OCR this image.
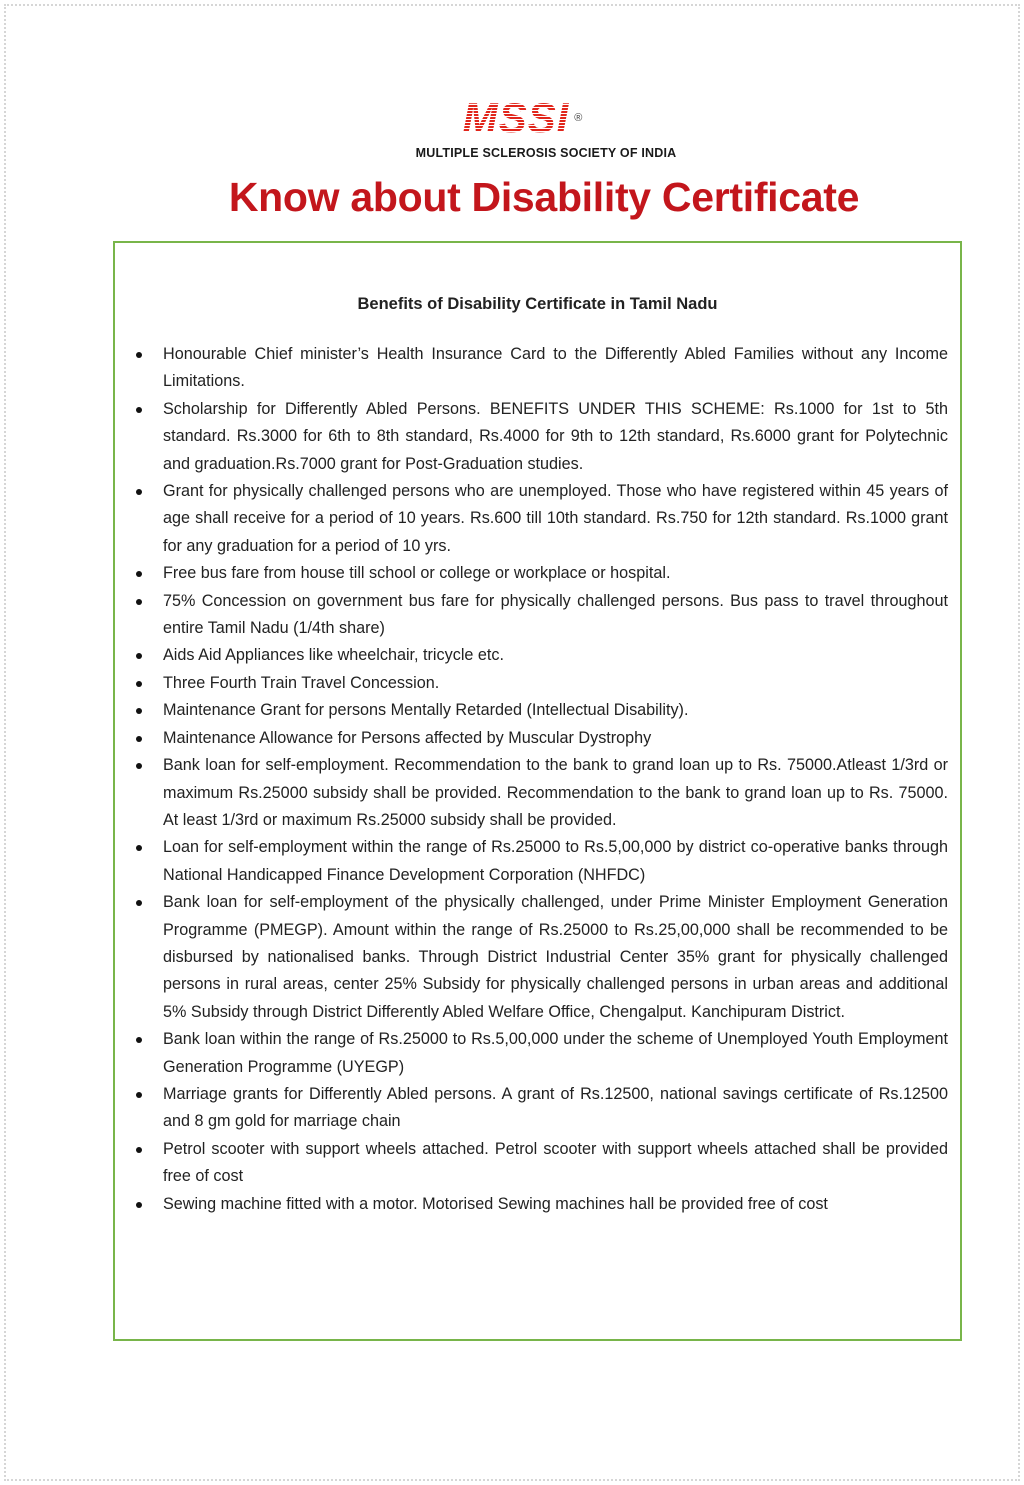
MSSI ®
MULTIPLE SCLEROSIS SOCIETY OF INDIA
Know about Disability Certificate
Benefits of Disability Certificate in Tamil Nadu
Honourable Chief minister’s Health Insurance Card to the Differently Abled Families without any Income Limitations.
Scholarship for Differently Abled Persons. BENEFITS UNDER THIS SCHEME: Rs.1000 for 1st to 5th standard. Rs.3000 for 6th to 8th standard, Rs.4000 for 9th to 12th standard, Rs.6000 grant for Polytechnic and graduation.Rs.7000 grant for Post-Graduation studies.
Grant for physically challenged persons who are unemployed. Those who have registered within 45 years of age shall receive for a period of 10 years. Rs.600 till 10th standard. Rs.750 for 12th standard. Rs.1000 grant for any graduation for a period of 10 yrs.
Free bus fare from house till school or college or workplace or hospital.
75% Concession on government bus fare for physically challenged persons. Bus pass to travel throughout entire Tamil Nadu (1/4th share)
Aids Aid Appliances like wheelchair, tricycle etc.
Three Fourth Train Travel Concession.
Maintenance Grant for persons Mentally Retarded (Intellectual Disability).
Maintenance Allowance for Persons affected by Muscular Dystrophy
Bank loan for self-employment. Recommendation to the bank to grand loan up to Rs. 75000.Atleast 1/3rd or maximum Rs.25000 subsidy shall be provided. Recommendation to the bank to grand loan up to Rs. 75000. At least 1/3rd or maximum Rs.25000 subsidy shall be provided.
Loan for self-employment within the range of Rs.25000 to Rs.5,00,000 by district co-operative banks through National Handicapped Finance Development Corporation (NHFDC)
Bank loan for self-employment of the physically challenged, under Prime Minister Employment Generation Programme (PMEGP). Amount within the range of Rs.25000 to Rs.25,00,000 shall be recommended to be disbursed by nationalised banks. Through District Industrial Center 35% grant for physically challenged persons in rural areas, center 25% Subsidy for physically challenged persons in urban areas and additional 5% Subsidy through District Differently Abled Welfare Office, Chengalput. Kanchipuram District.
Bank loan within the range of Rs.25000 to Rs.5,00,000 under the scheme of Unemployed Youth Employment Generation Programme (UYEGP)
Marriage grants for Differently Abled persons. A grant of Rs.12500, national savings certificate of Rs.12500 and 8 gm gold for marriage chain
Petrol scooter with support wheels attached. Petrol scooter with support wheels attached shall be provided free of cost
Sewing machine fitted with a motor. Motorised Sewing machines hall be provided free of cost
